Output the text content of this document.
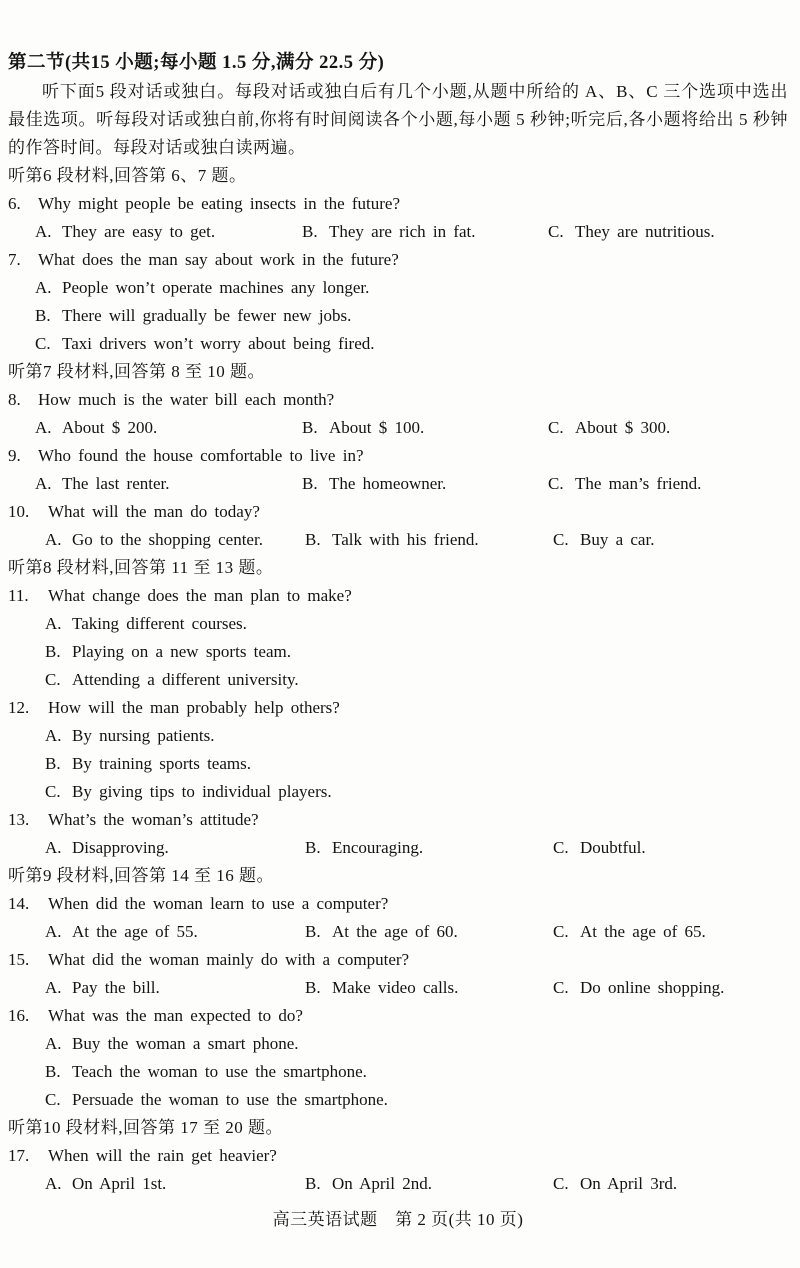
第二节(共15 小题;每小题 1.5 分,满分 22.5 分)

听下面5 段对话或独白。每段对话或独白后有几个小题,从题中所给的 A、B、C 三个选项中选出最佳选项。听每段对话或独白前,你将有时间阅读各个小题,每小题 5 秒钟;听完后,各小题将给出 5 秒钟的作答时间。每段对话或独白读两遍。

听第6 段材料,回答第 6、7 题。
6.	Why might people be eating insects in the future?
A. They are easy to get.	B. They are rich in fat.	C. They are nutritious.
7.	What does the man say about work in the future?
A. People won’t operate machines any longer.
B. There will gradually be fewer new jobs.
C. Taxi drivers won’t worry about being fired.
听第7 段材料,回答第 8 至 10 题。
8.	How much is the water bill each month?
A. About $ 200.	B. About $ 100.	C. About $ 300.
9.	Who found the house comfortable to live in?
A. The last renter.	B. The homeowner.	C. The man’s friend.
10.	What will the man do today?
A. Go to the shopping center. B. Talk with his friend.	C. Buy a car.
听第8 段材料,回答第 11 至 13 题。
11.	What change does the man plan to make?
A. Taking different courses.
B. Playing on a new sports team.
C. Attending a different university.
12.	How will the man probably help others?
A. By nursing patients.
B. By training sports teams.
C. By giving tips to individual players.
13.	What’s the woman’s attitude?
A. Disapproving.	B. Encouraging.	C. Doubtful.
听第9 段材料,回答第 14 至 16 题。
14.	When did the woman learn to use a computer?
A. At the age of 55.	B. At the age of 60.	C. At the age of 65.
15.	What did the woman mainly do with a computer?
A. Pay the bill.	B. Make video calls.	C. Do online shopping.
16.	What was the man expected to do?
A. Buy the woman a smart phone.
B. Teach the woman to use the smartphone.
C. Persuade the woman to use the smartphone.
听第10 段材料,回答第 17 至 20 题。
17.	When will the rain get heavier?
A. On April 1st.	B. On April 2nd.	C. On April 3rd.
高三英语试题　第 2 页(共 10 页)
